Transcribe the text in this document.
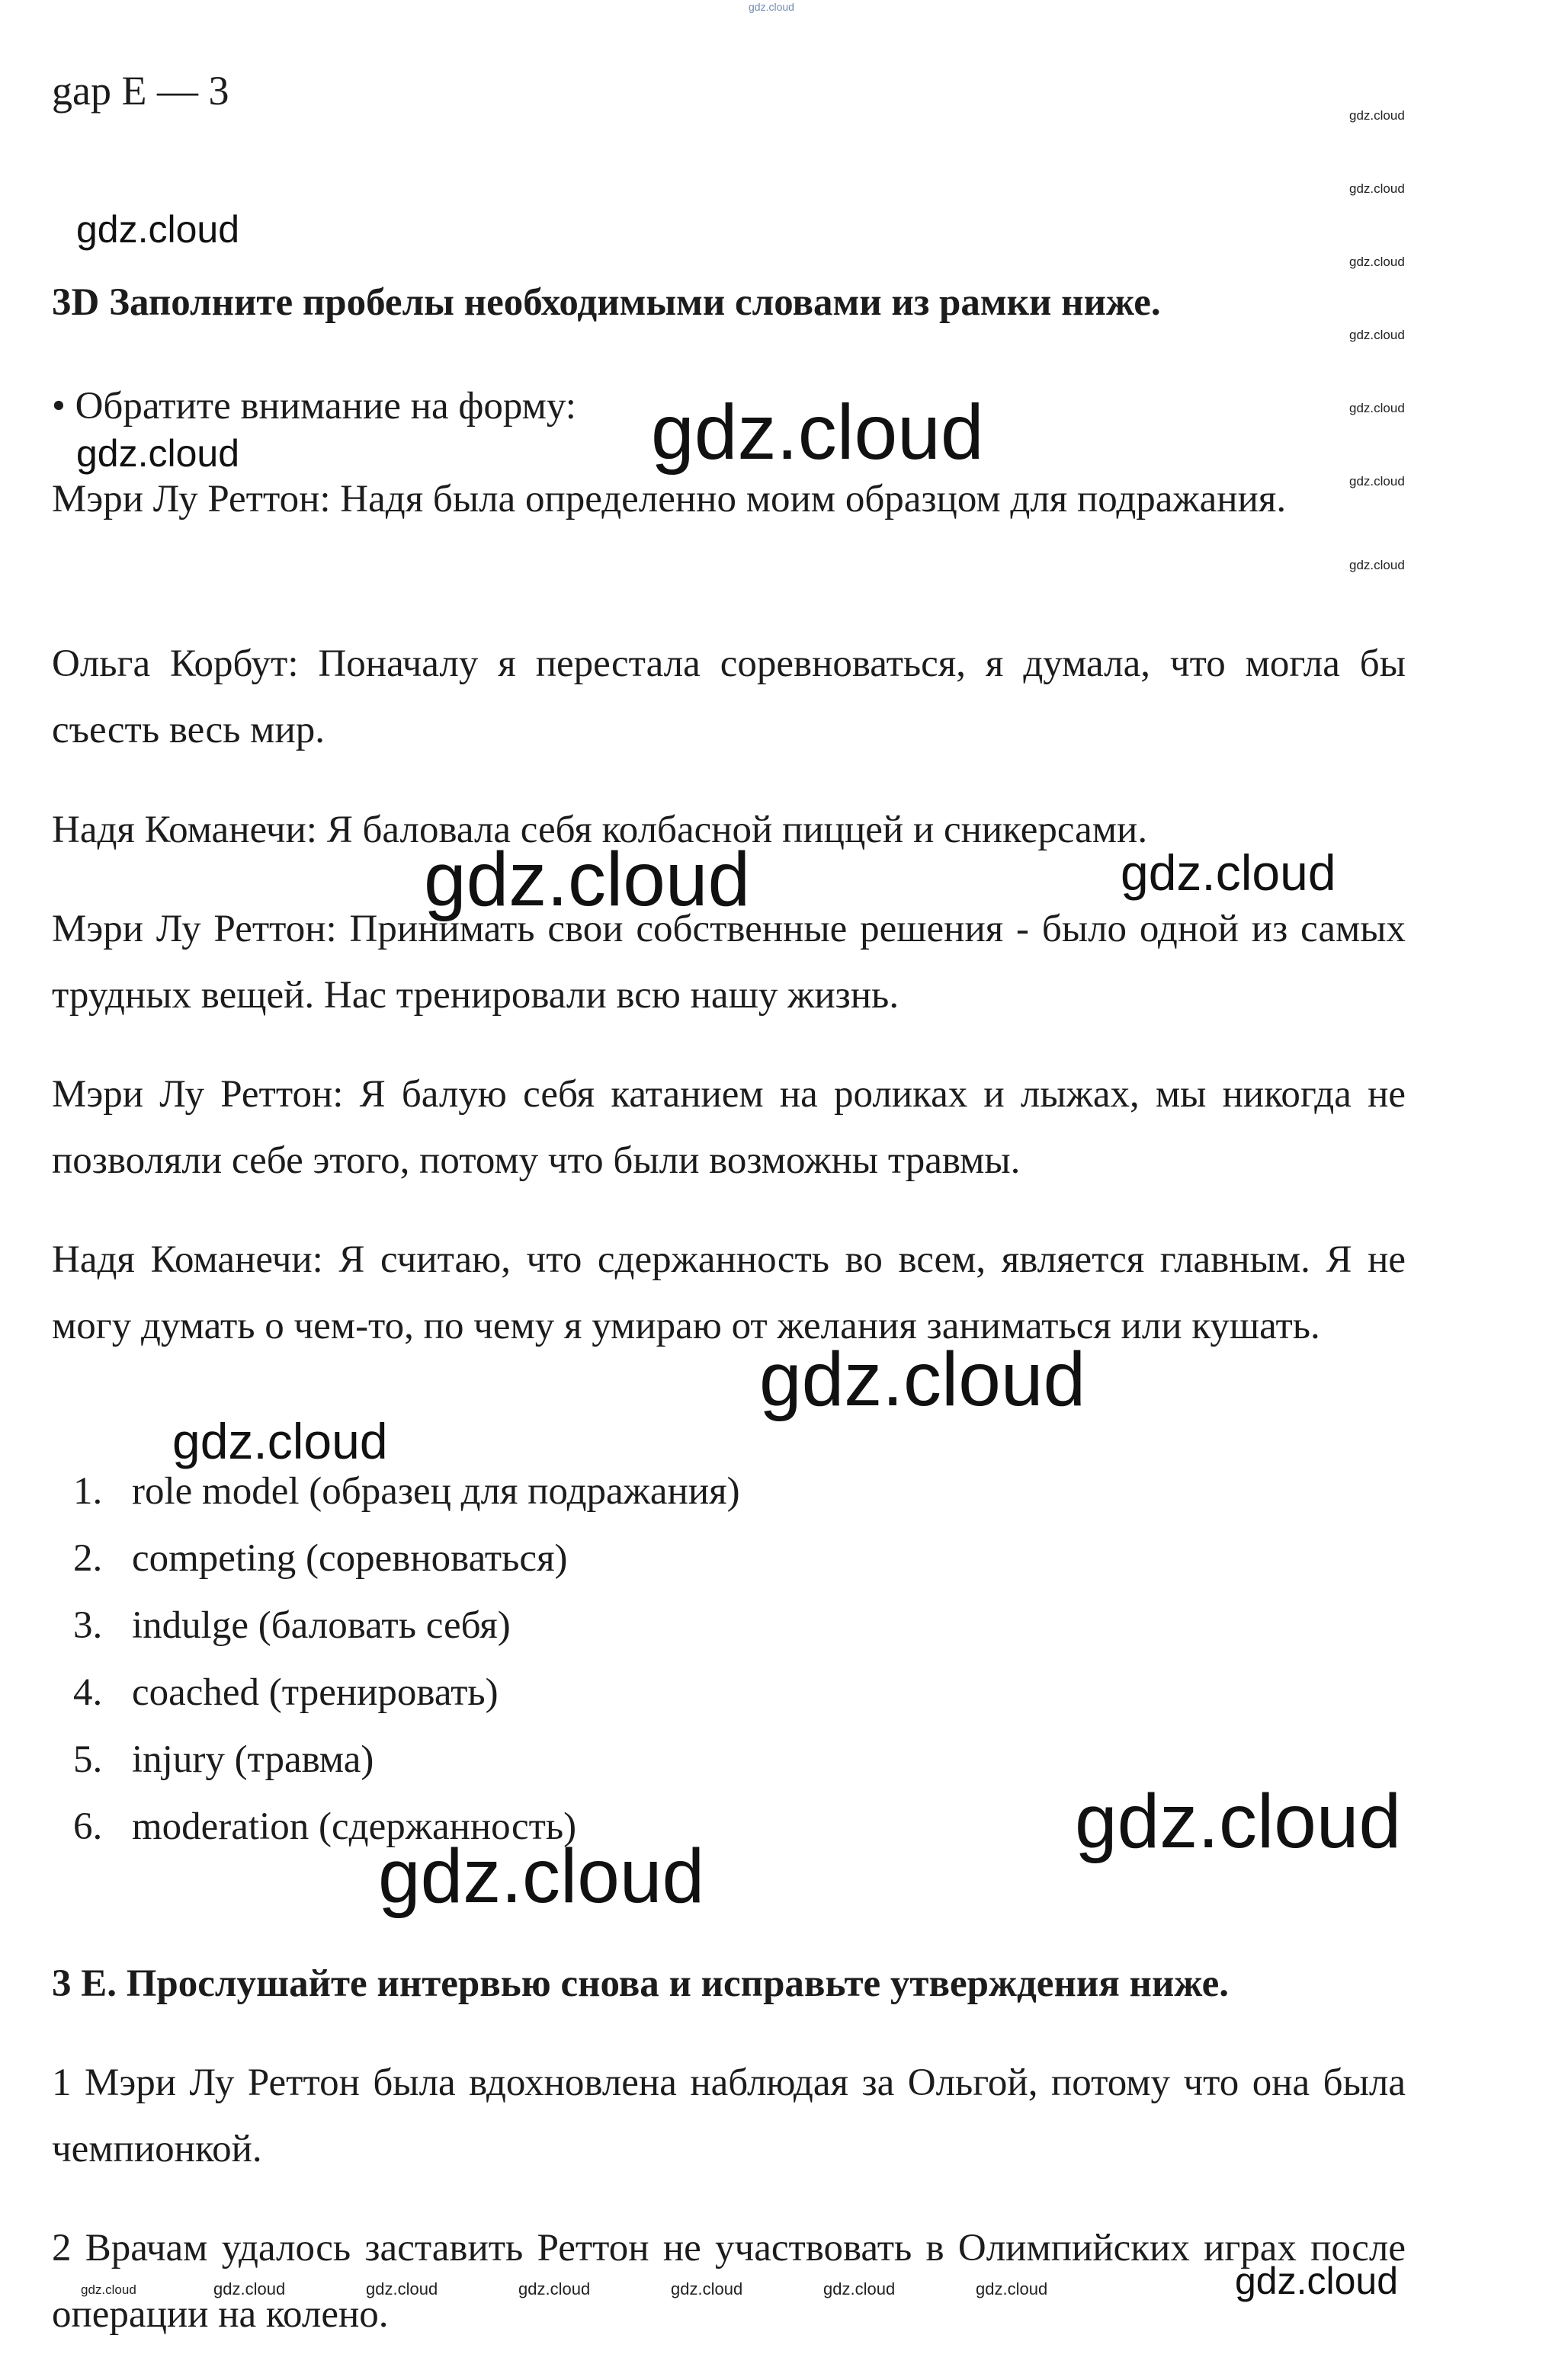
gdz.cloud
gap E — 3
gdz.cloud
gdz.cloud
gdz.cloud
gdz.cloud
gdz.cloud
gdz.cloud
gdz.cloud
gdz.cloud
3D Заполните пробелы необходимыми словами из рамки ниже.

• Обратите внимание на форму:

gdz.cloud	gdz.cloud

Мэри Лу Реттон: Надя была определенно моим образцом для подражания.

Ольга Корбут: Поначалу я перестала соревноваться, я думала, что могла бы съесть весь мир.

Надя Команечи: Я баловала себя колбасной пиццей и сникерсами.

gdz.cloud	gdz.cloud

Мэри Лу Реттон: Принимать свои собственные решения - было одной из самых трудных вещей. Нас тренировали всю нашу жизнь.

Мэри Лу Реттон: Я балую себя катанием на роликах и лыжах, мы никогда не позволяли себе этого, потому что были возможны травмы.

Надя Команечи: Я считаю, что сдержанность во всем, является главным. Я не могу думать о чем-то, по чему я умираю от желания заниматься или кушать.

gdz.cloud
gdz.cloud
1. role model (образец для подражания)
2. competing (соревноваться)
3. indulge (баловать себя)
4. coached (тренировать)
5. injury (травма)
6. moderation (сдержанность)	gdz.cloud
gdz.cloud
3 E. Прослушайте интервью снова и исправьте утверждения ниже.

1 Мэри Лу Реттон была вдохновлена наблюдая за Ольгой, потому что она была чемпионкой.

2 Врачам удалось заставить Реттон не участвовать в Олимпийских играх после операции на колено.

gdz.cloud	gdz.cloud	gdz.cloud	gdz.cloud	gdz.cloud	gdz.cloud	gdz.cloud	gdz.cloud
